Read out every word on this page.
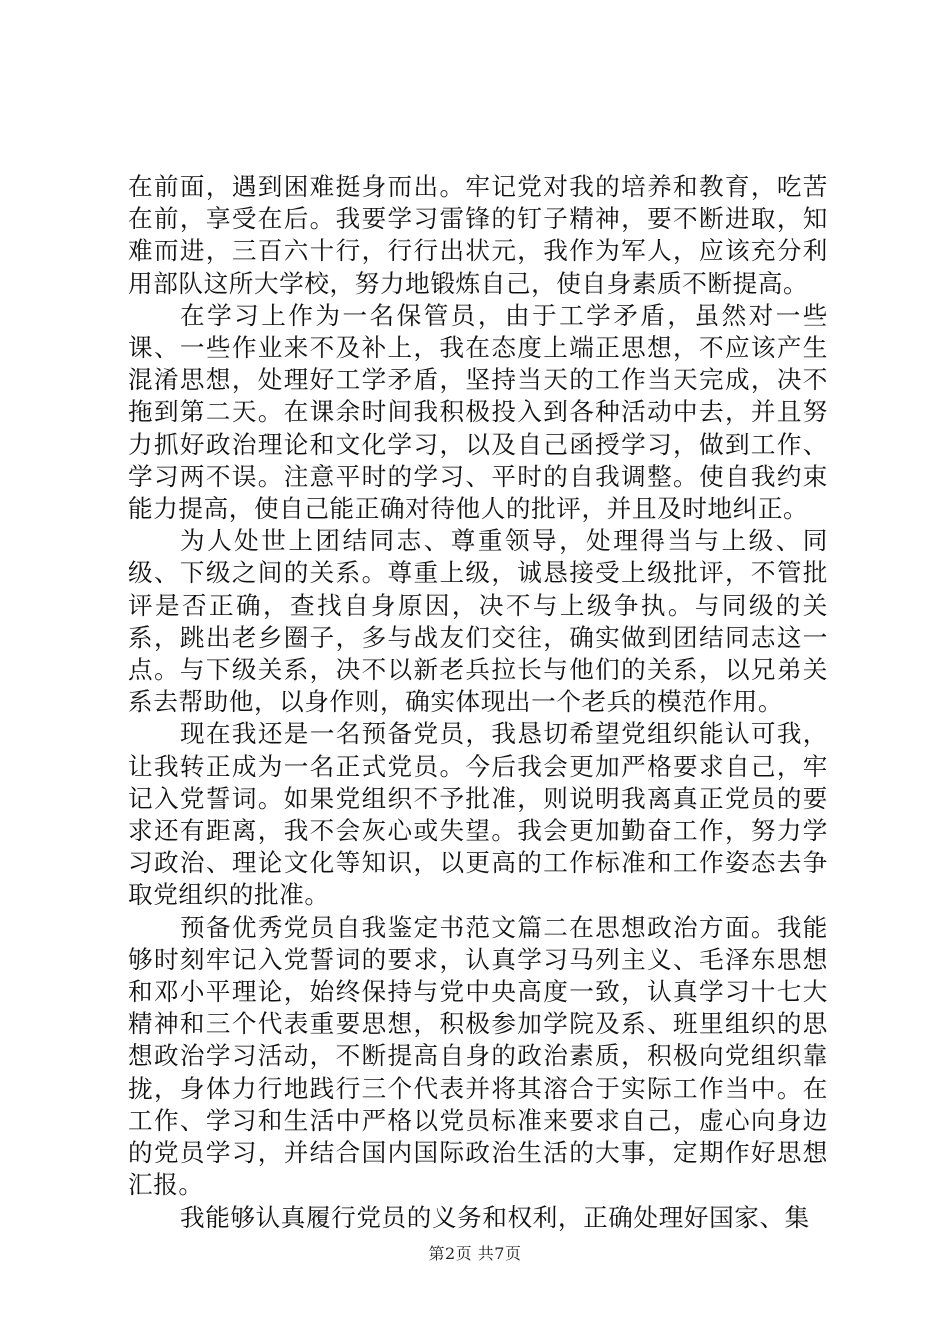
在前面，遇到困难挺身而出。牢记党对我的培养和教育，吃苦在前，享受在后。我要学习雷锋的钉子精神，要不断进取，知难而进，三百六十行，行行出状元，我作为军人，应该充分利用部队这所大学校，努力地锻炼自己，使自身素质不断提高。

在学习上作为一名保管员，由于工学矛盾，虽然对一些课、一些作业来不及补上，我在态度上端正思想，不应该产生混淆思想，处理好工学矛盾，坚持当天的工作当天完成，决不拖到第二天。在课余时间我积极投入到各种活动中去，并且努力抓好政治理论和文化学习，以及自己函授学习，做到工作、学习两不误。注意平时的学习、平时的自我调整。使自我约束能力提高，使自己能正确对待他人的批评，并且及时地纠正。

为人处世上团结同志、尊重领导，处理得当与上级、同级、下级之间的关系。尊重上级，诚恳接受上级批评，不管批评是否正确，查找自身原因，决不与上级争执。与同级的关系，跳出老乡圈子，多与战友们交往，确实做到团结同志这一点。与下级关系，决不以新老兵拉长与他们的关系，以兄弟关系去帮助他，以身作则，确实体现出一个老兵的模范作用。

现在我还是一名预备党员，我恳切希望党组织能认可我，让我转正成为一名正式党员。今后我会更加严格要求自己，牢记入党誓词。如果党组织不予批准，则说明我离真正党员的要求还有距离，我不会灰心或失望。我会更加勤奋工作，努力学习政治、理论文化等知识，以更高的工作标准和工作姿态去争取党组织的批准。

预备优秀党员自我鉴定书范文篇二在思想政治方面。我能够时刻牢记入党誓词的要求，认真学习马列主义、毛泽东思想和邓小平理论，始终保持与党中央高度一致，认真学习十七大精神和三个代表重要思想，积极参加学院及系、班里组织的思想政治学习活动，不断提高自身的政治素质，积极向党组织靠拢，身体力行地践行三个代表并将其溶合于实际工作当中。在工作、学习和生活中严格以党员标准来要求自己，虚心向身边的党员学习，并结合国内国际政治生活的大事，定期作好思想汇报。

我能够认真履行党员的义务和权利，正确处理好国家、集

第2页 共7页
